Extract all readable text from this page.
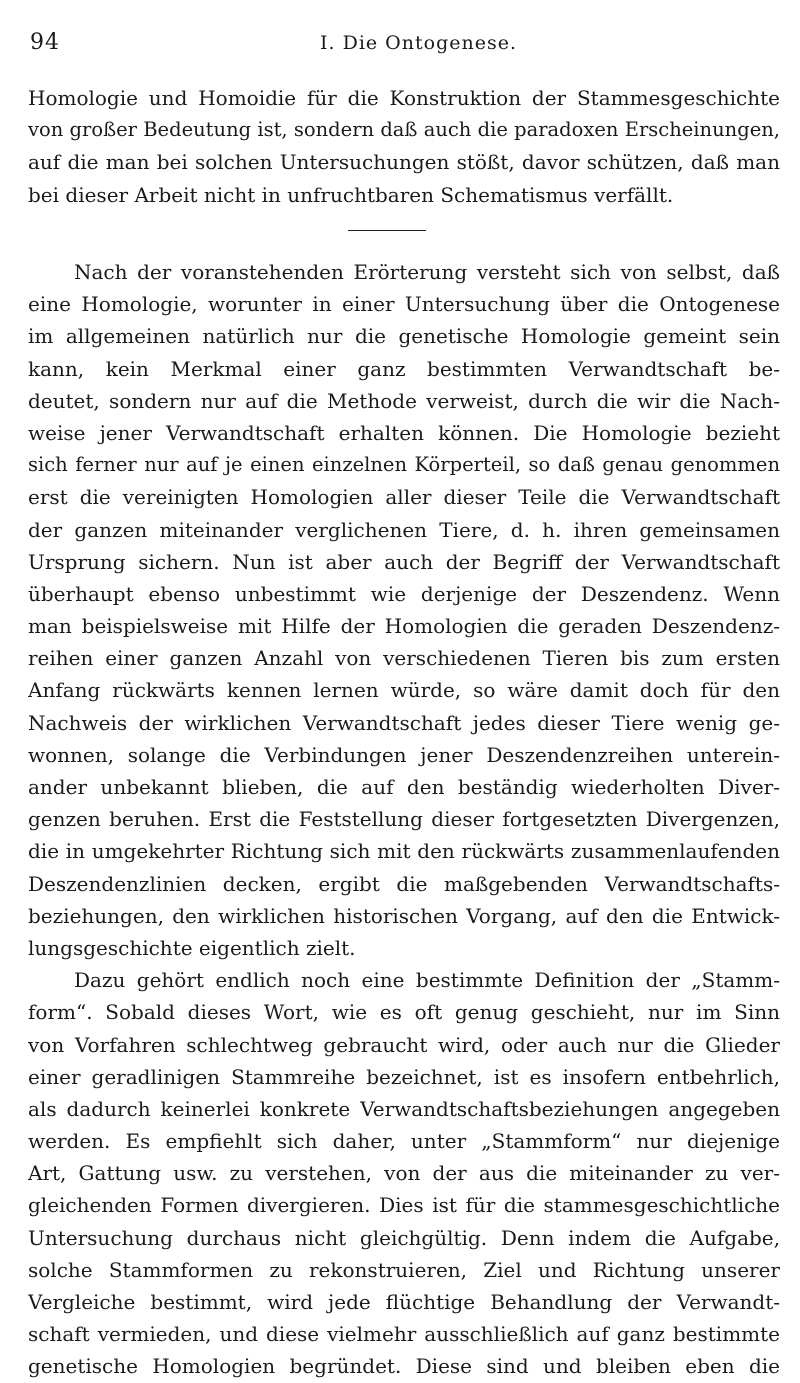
94	I. Die Ontogenese.
Homologie und Homoidie für die Konstruktion der Stammesgeschichte
von großer Bedeutung ist, sondern daß auch die paradoxen Erscheinungen,
auf die man bei solchen Untersuchungen stößt, davor schützen, daß man
bei dieser Arbeit nicht in unfruchtbaren Schematismus verfällt.
Nach der voranstehenden Erörterung versteht sich von selbst, daß
eine Homologie, worunter in einer Untersuchung über die Ontogenese
im allgemeinen natürlich nur die genetische Homologie gemeint sein
kann, kein Merkmal einer ganz bestimmten Verwandtschaft be-
deutet, sondern nur auf die Methode verweist, durch die wir die Nach-
weise jener Verwandtschaft erhalten können. Die Homologie bezieht
sich ferner nur auf je einen einzelnen Körperteil, so daß genau genommen
erst die vereinigten Homologien aller dieser Teile die Verwandtschaft
der ganzen miteinander verglichenen Tiere, d. h. ihren gemeinsamen
Ursprung sichern. Nun ist aber auch der Begriff der Verwandtschaft
überhaupt ebenso unbestimmt wie derjenige der Deszendenz. Wenn
man beispielsweise mit Hilfe der Homologien die geraden Deszendenz-
reihen einer ganzen Anzahl von verschiedenen Tieren bis zum ersten
Anfang rückwärts kennen lernen würde, so wäre damit doch für den
Nachweis der wirklichen Verwandtschaft jedes dieser Tiere wenig ge-
wonnen, solange die Verbindungen jener Deszendenzreihen unterein-
ander unbekannt blieben, die auf den beständig wiederholten Diver-
genzen beruhen. Erst die Feststellung dieser fortgesetzten Divergenzen,
die in umgekehrter Richtung sich mit den rückwärts zusammenlaufenden
Deszendenzlinien decken, ergibt die maßgebenden Verwandtschafts-
beziehungen, den wirklichen historischen Vorgang, auf den die Entwick-
lungsgeschichte eigentlich zielt.
Dazu gehört endlich noch eine bestimmte Definition der „Stamm-
form“. Sobald dieses Wort, wie es oft genug geschieht, nur im Sinn
von Vorfahren schlechtweg gebraucht wird, oder auch nur die Glieder
einer geradlinigen Stammreihe bezeichnet, ist es insofern entbehrlich,
als dadurch keinerlei konkrete Verwandtschaftsbeziehungen angegeben
werden. Es empfiehlt sich daher, unter „Stammform“ nur diejenige
Art, Gattung usw. zu verstehen, von der aus die miteinander zu ver-
gleichenden Formen divergieren. Dies ist für die stammesgeschichtliche
Untersuchung durchaus nicht gleichgültig. Denn indem die Aufgabe,
solche Stammformen zu rekonstruieren, Ziel und Richtung unserer
Vergleiche bestimmt, wird jede flüchtige Behandlung der Verwandt-
schaft vermieden, und diese vielmehr ausschließlich auf ganz bestimmte
genetische Homologien begründet. Diese sind und bleiben eben die
